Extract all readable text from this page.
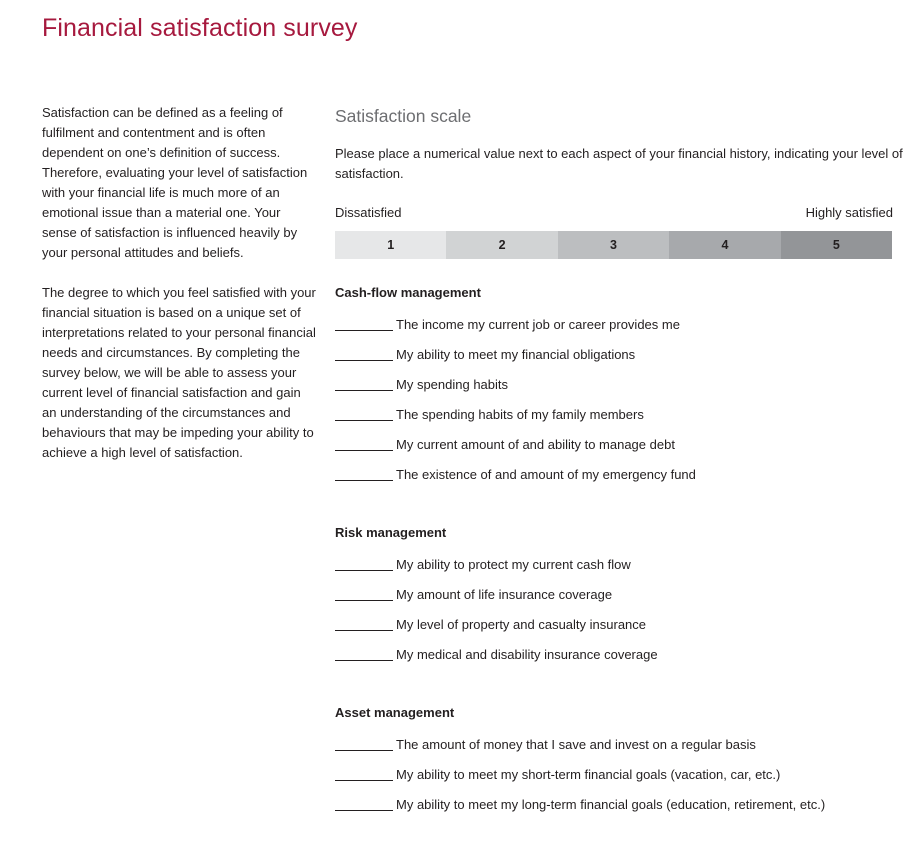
Financial satisfaction survey

Satisfaction can be defined as a feeling of fulfilment and contentment and is often dependent on one’s definition of success. Therefore, evaluating your level of satisfaction with your financial life is much more of an emotional issue than a material one. Your sense of satisfaction is influenced heavily by your personal attitudes and beliefs.

The degree to which you feel satisfied with your financial situation is based on a unique set of interpretations related to your personal financial needs and circumstances. By completing the survey below, we will be able to assess your current level of financial satisfaction and gain an understanding of the circumstances and behaviours that may be impeding your ability to achieve a high level of satisfaction.

Satisfaction scale
Please place a numerical value next to each aspect of your financial history, indicating your level of satisfaction.
Dissatisfied	Highly satisfied
1	2	3	4	5
Cash-flow management
The income my current job or career provides me
My ability to meet my financial obligations
My spending habits
The spending habits of my family members
My current amount of and ability to manage debt
The existence of and amount of my emergency fund
Risk management
My ability to protect my current cash flow
My amount of life insurance coverage
My level of property and casualty insurance
My medical and disability insurance coverage
Asset management
The amount of money that I save and invest on a regular basis
My ability to meet my short-term financial goals (vacation, car, etc.)
My ability to meet my long-term financial goals (education, retirement, etc.)
